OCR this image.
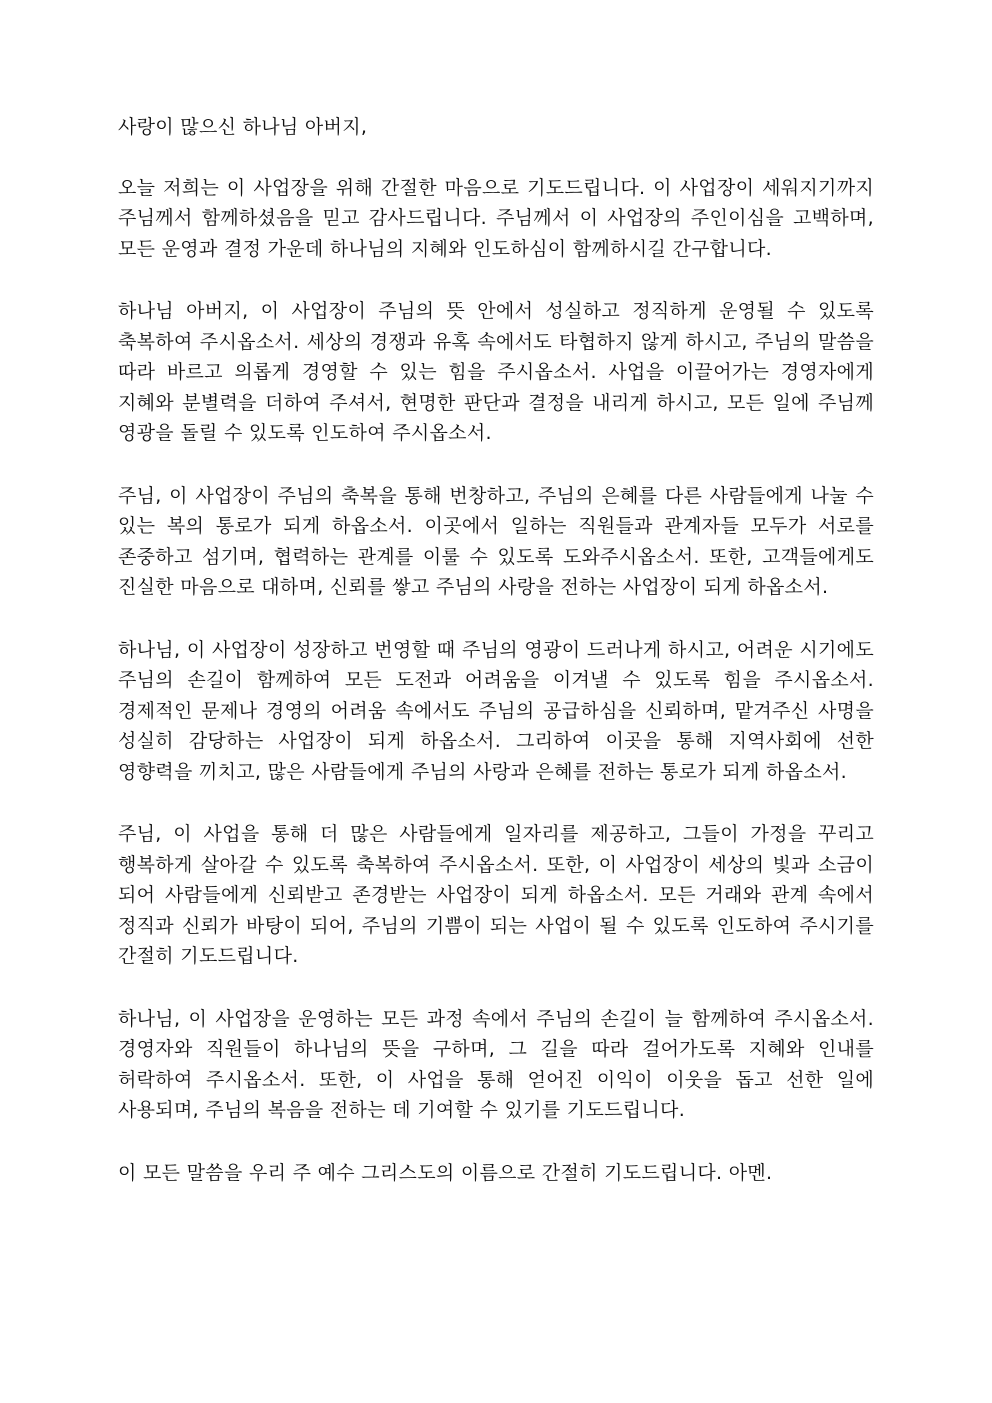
사랑이 많으신 하나님 아버지,

오늘 저희는 이 사업장을 위해 간절한 마음으로 기도드립니다. 이 사업장이 세워지기까지 주님께서 함께하셨음을 믿고 감사드립니다. 주님께서 이 사업장의 주인이심을 고백하며, 모든 운영과 결정 가운데 하나님의 지혜와 인도하심이 함께하시길 간구합니다.

하나님 아버지, 이 사업장이 주님의 뜻 안에서 성실하고 정직하게 운영될 수 있도록 축복하여 주시옵소서. 세상의 경쟁과 유혹 속에서도 타협하지 않게 하시고, 주님의 말씀을 따라 바르고 의롭게 경영할 수 있는 힘을 주시옵소서. 사업을 이끌어가는 경영자에게 지혜와 분별력을 더하여 주셔서, 현명한 판단과 결정을 내리게 하시고, 모든 일에 주님께 영광을 돌릴 수 있도록 인도하여 주시옵소서.

주님, 이 사업장이 주님의 축복을 통해 번창하고, 주님의 은혜를 다른 사람들에게 나눌 수 있는 복의 통로가 되게 하옵소서. 이곳에서 일하는 직원들과 관계자들 모두가 서로를 존중하고 섬기며, 협력하는 관계를 이룰 수 있도록 도와주시옵소서. 또한, 고객들에게도 진실한 마음으로 대하며, 신뢰를 쌓고 주님의 사랑을 전하는 사업장이 되게 하옵소서.

하나님, 이 사업장이 성장하고 번영할 때 주님의 영광이 드러나게 하시고, 어려운 시기에도 주님의 손길이 함께하여 모든 도전과 어려움을 이겨낼 수 있도록 힘을 주시옵소서. 경제적인 문제나 경영의 어려움 속에서도 주님의 공급하심을 신뢰하며, 맡겨주신 사명을 성실히 감당하는 사업장이 되게 하옵소서. 그리하여 이곳을 통해 지역사회에 선한 영향력을 끼치고, 많은 사람들에게 주님의 사랑과 은혜를 전하는 통로가 되게 하옵소서.

주님, 이 사업을 통해 더 많은 사람들에게 일자리를 제공하고, 그들이 가정을 꾸리고 행복하게 살아갈 수 있도록 축복하여 주시옵소서. 또한, 이 사업장이 세상의 빛과 소금이 되어 사람들에게 신뢰받고 존경받는 사업장이 되게 하옵소서. 모든 거래와 관계 속에서 정직과 신뢰가 바탕이 되어, 주님의 기쁨이 되는 사업이 될 수 있도록 인도하여 주시기를 간절히 기도드립니다.

하나님, 이 사업장을 운영하는 모든 과정 속에서 주님의 손길이 늘 함께하여 주시옵소서. 경영자와 직원들이 하나님의 뜻을 구하며, 그 길을 따라 걸어가도록 지혜와 인내를 허락하여 주시옵소서. 또한, 이 사업을 통해 얻어진 이익이 이웃을 돕고 선한 일에 사용되며, 주님의 복음을 전하는 데 기여할 수 있기를 기도드립니다.

이 모든 말씀을 우리 주 예수 그리스도의 이름으로 간절히 기도드립니다. 아멘.
